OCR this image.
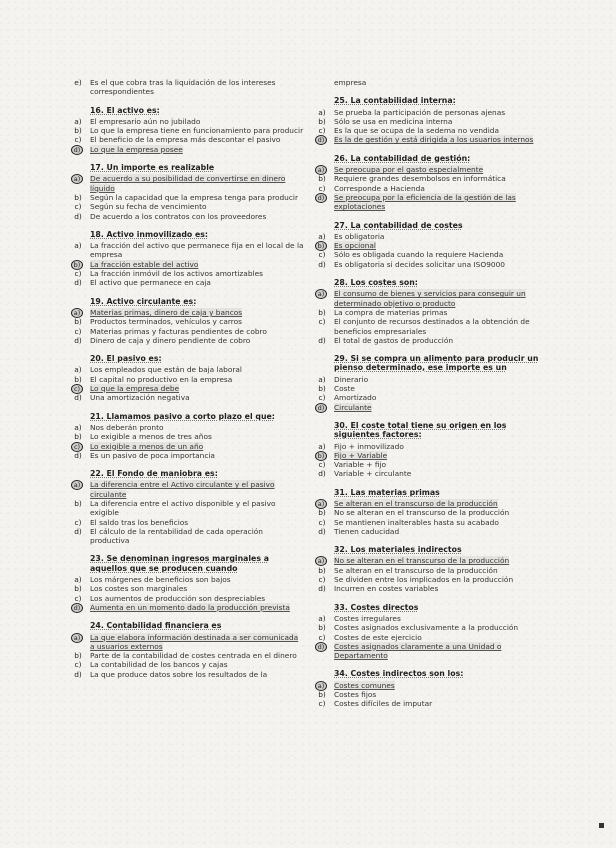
e)	Es el que cobra tras la liquidación de los intereses correspondientes
16. El activo es:
a)	El empresario aún no jubilado
b) Lo que la empresa tiene en funcionamiento para producir
c)	El beneficio de la empresa más descontar el pasivo
d)	Lo que la empresa posee
17. Un importe es realizable
a)	De acuerdo a su posibilidad de convertirse en dinero líquido
b) Según la capacidad que la empresa tenga para producir
c)	Según su fecha de vencimiento
d) De acuerdo a los contratos con los proveedores
18. Activo inmovilizado es:
a)	La fracción del activo que permanece fija en el local de la empresa
b)	La fracción estable del activo
c)	La fracción inmóvil de los activos amortizables
d) El activo que permanece en caja
19. Activo circulante es:
a)	Materias primas, dinero de caja y bancos
b) Productos terminados, vehículos y carros
c)	Materias primas y facturas pendientes de cobro
d) Dinero de caja y dinero pendiente de cobro
20. El pasivo es:
a)	Los empleados que están de baja laboral
b) El capital no productivo en la empresa
c)	Lo que la empresa debe
d) Una amortización negativa
21. Llamamos pasivo a corto plazo el que:
a)	Nos deberán pronto
b) Lo exigible a menos de tres años
c)	Lo exigible a menos de un año
d) Es un pasivo de poca importancia
22. El Fondo de maniobra es:
a)	La diferencia entre el Activo circulante y el pasivo circulante
b) La diferencia entre el activo disponible y el pasivo exigible
c)	El saldo tras los beneficios
d) El cálculo de la rentabilidad de cada operación productiva
23. Se denominan ingresos marginales a aquellos que se producen cuando
a)	Los márgenes de beneficios son bajos
b) Los costes son marginales
c)	Los aumentos de producción son despreciables
d)	Aumenta en un momento dado la producción prevista
24. Contabilidad financiera es
a)	La que elabora información destinada a ser comunicada a usuarios externos
b) Parte de la contabilidad de costes centrada en el dinero
c)	La contabilidad de los bancos y cajas
d) La que produce datos sobre los resultados de la
empresa
25. La contabilidad interna:
a)	Se prueba la participación de personas ajenas
b) Sólo se usa en medicina interna
c)	Es la que se ocupa de la sedema no vendida
d)	Es la de gestión y está dirigida a los usuarios internos
26. La contabilidad de gestión:
a)	Se preocupa por el gasto especialmente
b) Requiere grandes desembolsos en informática
c)	Corresponde a Hacienda
d)	Se preocupa por la eficiencia de la gestión de las explotaciones
27. La contabilidad de costes
a)	Es obligatoria
b)	Es opcional
c)	Sólo es obligada cuando la requiere Hacienda
d) Es obligatoria si decides solicitar una ISO9000
28. Los costes son:
a)	El consumo de bienes y servicios para conseguir un determinado objetivo o producto
b) La compra de materias primas
c)	El conjunto de recursos destinados a la obtención de beneficios empresariales
d) El total de gastos de producción
29. Si se compra un alimento para producir un pienso determinado, ese importe es un
a)	Dinerario
b) Coste
c)	Amortizado
d)	Circulante
30. El coste total tiene su origen en los siguientes factores:
a)	Fijo + inmovilizado
b)	Fijo + Variable
c)	Variable + fijo
d) Variable + circulante
31. Las materias primas
a)	Se alteran en el transcurso de la producción
b) No se alteran en el transcurso de la producción
c)	Se mantienen inalterables hasta su acabado
d) Tienen caducidad
32. Los materiales indirectos
a)	No se alteran en el transcurso de la producción
b) Se alteran en el transcurso de la producción
c)	Se dividen entre los implicados en la producción
d) Incurren en costes variables
33. Costes directos
a)	Costes irregulares
b) Costes asignados exclusivamente a la producción
c)	Costes de este ejercicio
d)	Costes asignados claramente a una Unidad o Departamento
34. Costes indirectos son los:
a)	Costes comunes
b) Costes fijos
c)	Costes difíciles de imputar
